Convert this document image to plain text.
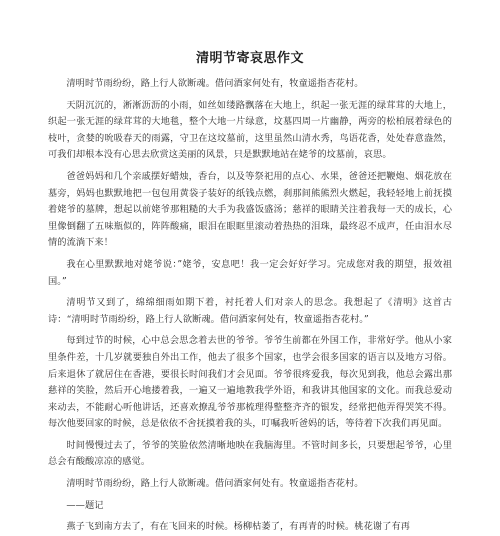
清明节寄哀思作文

清明时节雨纷纷，路上行人欲断魂。借问酒家何处有，牧童遥指杏花村。

天阴沉沉的，淅淅沥沥的小雨，如丝如缕路飘落在大地上，织起一张无涯的绿茸茸的大地上，织起一张无涯的绿茸茸的大地毯，整个大地一片绿意，坟墓四周一片幽静，两旁的松柏展着绿色的枝叶，贪婪的吮吸春天的雨露，守卫在这坟墓前，这里虽然山清水秀，鸟语花香，处处春意盎然，可我们却根本没有心思去欣赏这美丽的风景，只是默默地站在姥爷的坟墓前，哀思。

爸爸妈妈和几个亲戚摆好蜡烛，香台，以及等祭祀用的点心、水果，爸爸还把鞭炮、烟花放在墓旁，妈妈也默默地把一包包用黄袋子装好的纸钱点燃，刹那间熊熊烈火燃起，我轻轻地上前抚摸着姥爷的墓牌，想起以前姥爷那粗糙的大手为我盛饭盛汤；慈祥的眼睛关注着我每一天的成长，心里像倒翻了五味瓶似的，阵阵酸痛，眼泪在眼眶里滚动着热热的泪珠，最终忍不成声，任由泪水尽情的流淌下来！

我在心里默默地对姥爷说：”姥爷，安息吧！我一定会好好学习。完成您对我的期望，报效祖国。”

清明节又到了，绵绵细雨如期下着，衬托着人们对亲人的思念。我想起了《清明》这首古诗：“清明时节雨纷纷，路上行人欲断魂。借问酒家何处有，牧童遥指杏花村。”

每到过节的时候，心中总会思念着去世的爷爷。爷爷生前都在外国工作，非常好学。他从小家里条件差，十几岁就要独自外出工作，他去了很多个国家，也学会很多国家的语言以及地方习俗。后来退休了就居住在香港，要很长时间我们才会见面。爷爷很疼爱我，每次见到我，他总会露出那慈祥的笑脸，然后开心地搂着我，一遍又一遍地教我学外语，和我讲其他国家的文化。而我总爱动来动去，不能耐心听他讲话，还喜欢撩乱爷爷那梳理得整整齐齐的银发，经常把他弄得哭笑不得。每次他要回家的时候，总是依依不舍抚摸着我的头，叮嘱我听爸妈的话，等待着下次我们再见面。

时间慢慢过去了，爷爷的笑脸依然清晰地映在我脑海里。不管时间多长，只要想起爷爷，心里总会有酸酸凉凉的感觉。

清明时节雨纷纷，路上行人欲断魂。借问酒家何处有。牧童遥指杏花村。

——题记

燕子飞到南方去了，有在飞回来的时候。杨柳枯萎了，有再青的时候。桃花谢了有再
